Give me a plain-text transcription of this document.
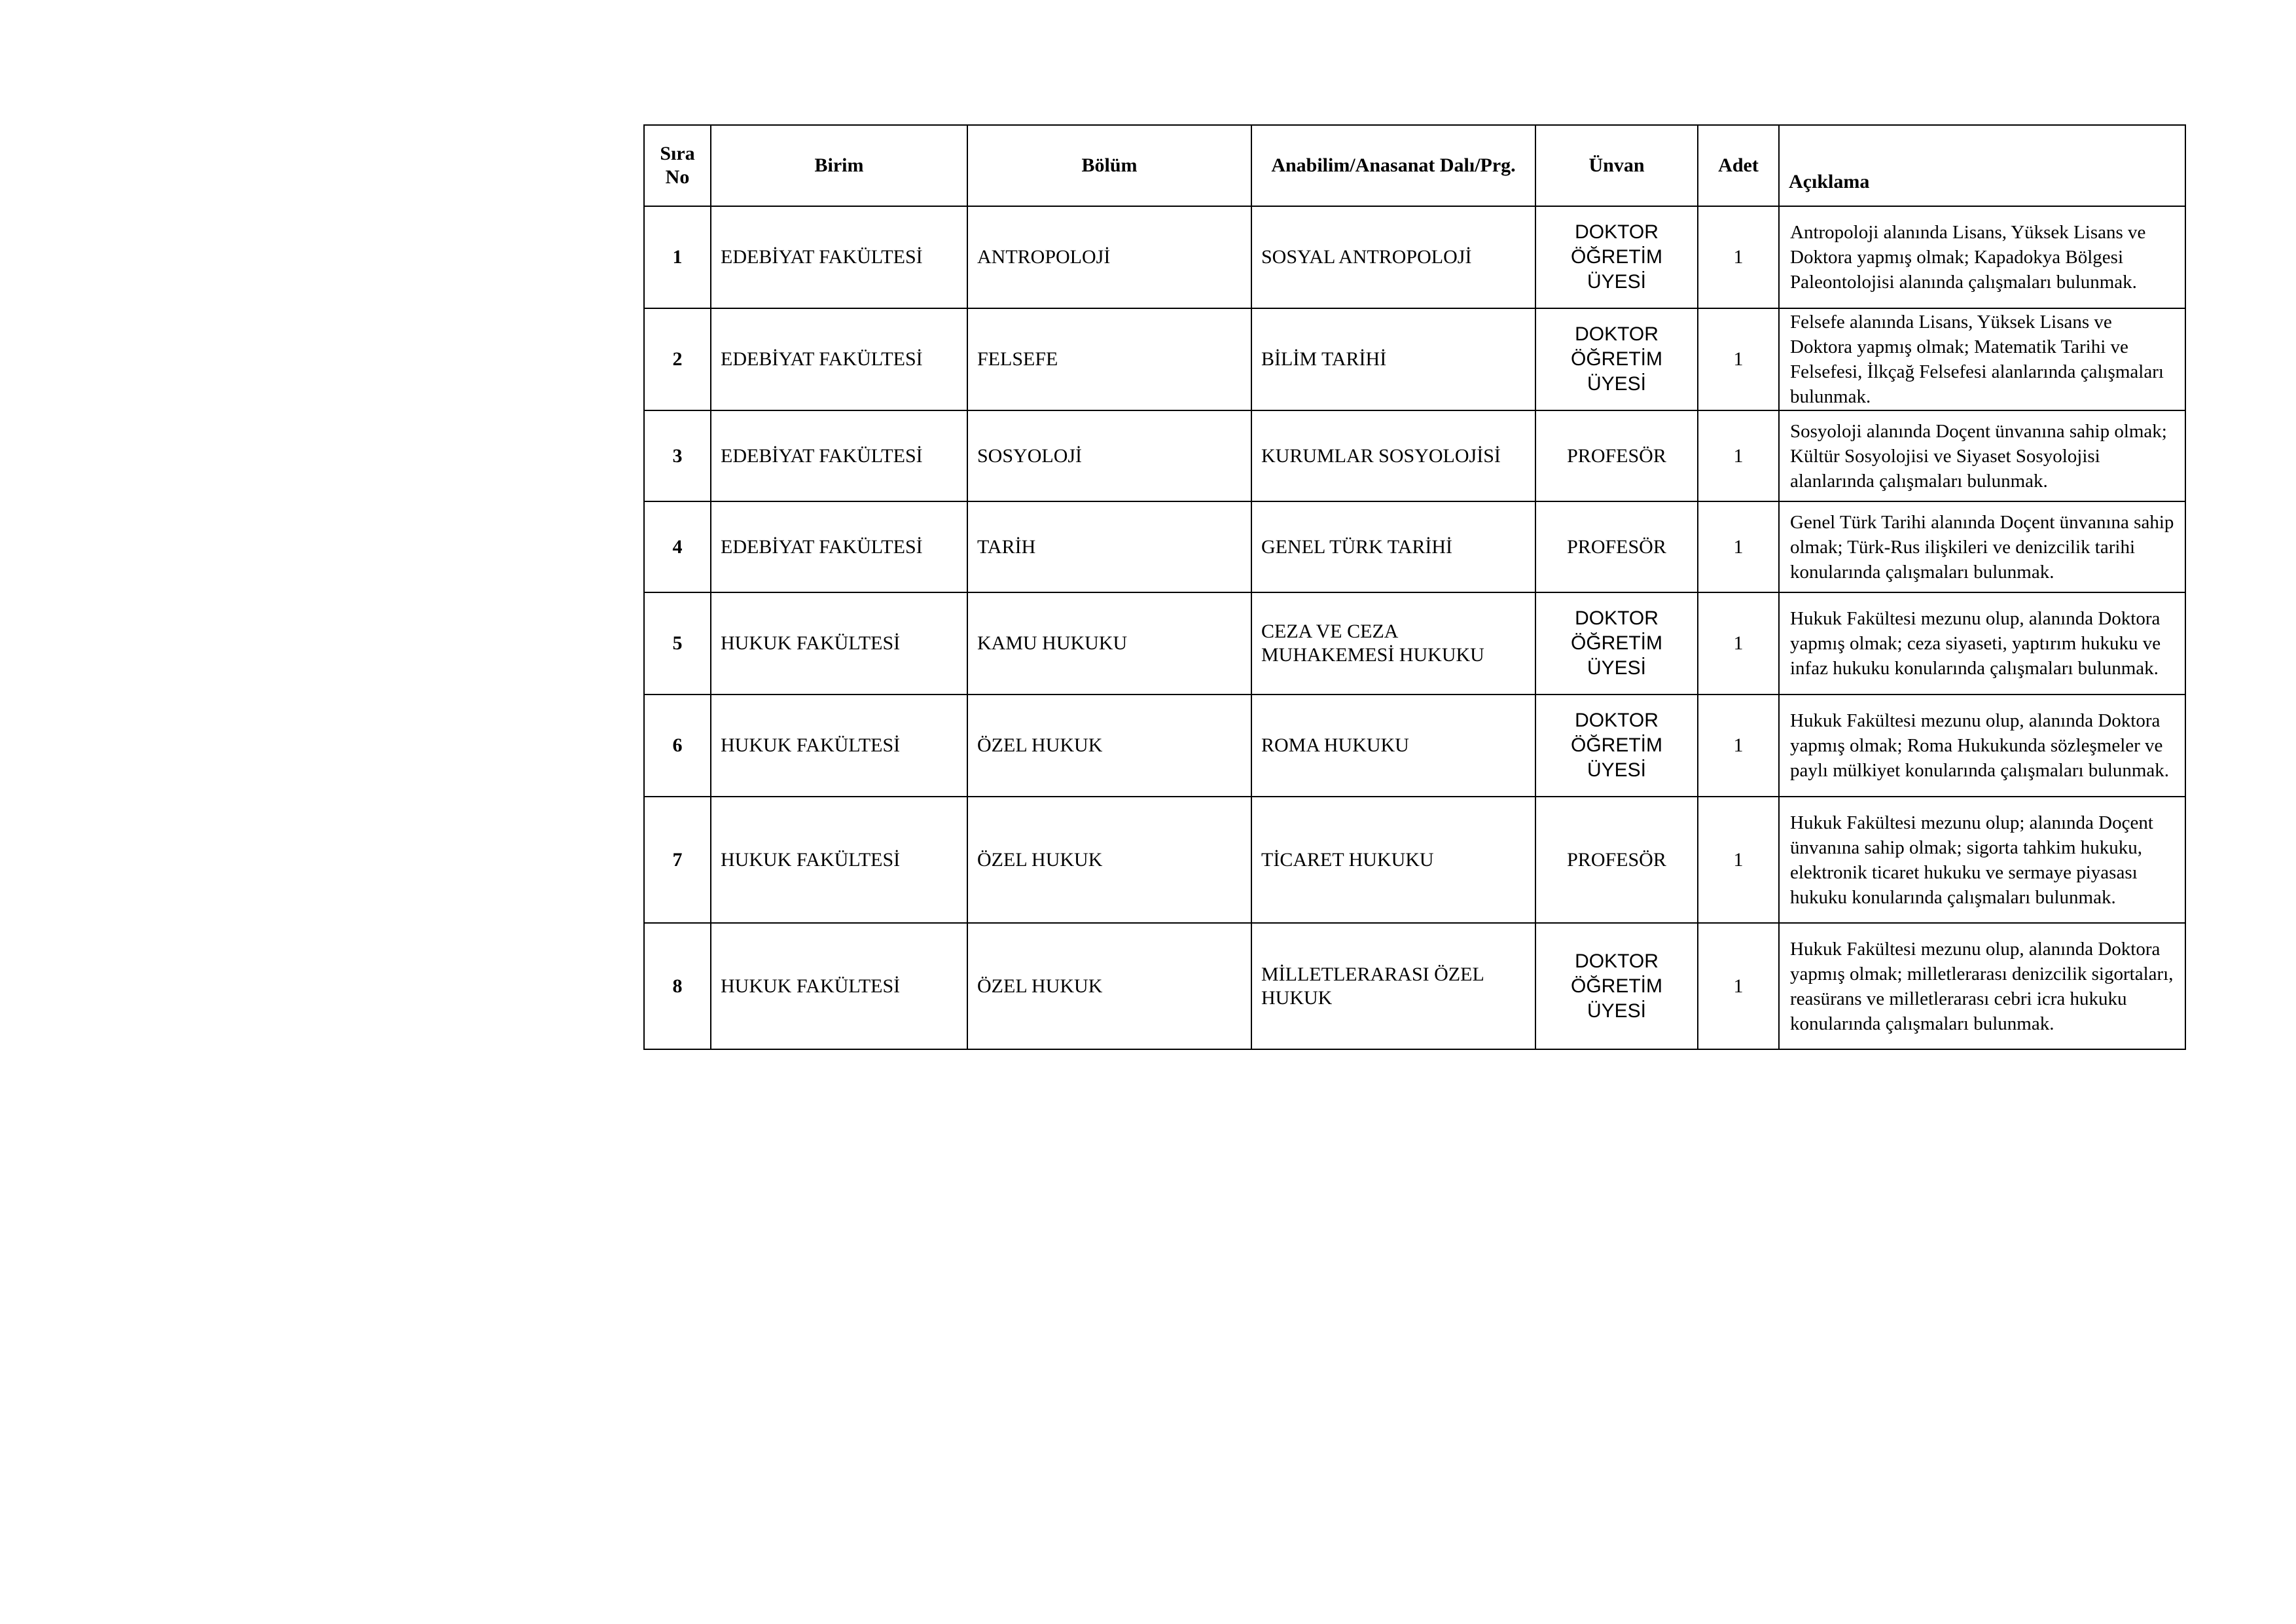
Sıra No	Birim	Bölüm	Anabilim/Anasanat Dalı/Prg.	Ünvan	Adet	Açıklama
1	EDEBİYAT FAKÜLTESİ	ANTROPOLOJİ	SOSYAL ANTROPOLOJİ	DOKTOR ÖĞRETİM ÜYESİ	1	Antropoloji alanında Lisans, Yüksek Lisans ve Doktora yapmış olmak; Kapadokya Bölgesi Paleontolojisi alanında çalışmaları bulunmak.
2	EDEBİYAT FAKÜLTESİ	FELSEFE	BİLİM TARİHİ	DOKTOR ÖĞRETİM ÜYESİ	1	Felsefe alanında Lisans, Yüksek Lisans ve Doktora yapmış olmak; Matematik Tarihi ve Felsefesi, İlkçağ Felsefesi alanlarında çalışmaları bulunmak.
3	EDEBİYAT FAKÜLTESİ	SOSYOLOJİ	KURUMLAR SOSYOLOJİSİ	PROFESÖR	1	Sosyoloji alanında Doçent ünvanına sahip olmak; Kültür Sosyolojisi ve Siyaset Sosyolojisi alanlarında çalışmaları bulunmak.
4	EDEBİYAT FAKÜLTESİ	TARİH	GENEL TÜRK TARİHİ	PROFESÖR	1	Genel Türk Tarihi alanında Doçent ünvanına sahip olmak; Türk-Rus ilişkileri ve denizcilik tarihi konularında çalışmaları bulunmak.
5	HUKUK FAKÜLTESİ	KAMU HUKUKU	CEZA VE CEZA MUHAKEMESİ HUKUKU	DOKTOR ÖĞRETİM ÜYESİ	1	Hukuk Fakültesi mezunu olup, alanında Doktora yapmış olmak; ceza siyaseti, yaptırım hukuku ve infaz hukuku konularında çalışmaları bulunmak.
6	HUKUK FAKÜLTESİ	ÖZEL HUKUK	ROMA HUKUKU	DOKTOR ÖĞRETİM ÜYESİ	1	Hukuk Fakültesi mezunu olup, alanında Doktora yapmış olmak; Roma Hukukunda sözleşmeler ve paylı mülkiyet konularında çalışmaları bulunmak.
7	HUKUK FAKÜLTESİ	ÖZEL HUKUK	TİCARET HUKUKU	PROFESÖR	1	Hukuk Fakültesi mezunu olup; alanında Doçent ünvanına sahip olmak; sigorta tahkim hukuku, elektronik ticaret hukuku ve sermaye piyasası hukuku konularında çalışmaları bulunmak.
8	HUKUK FAKÜLTESİ	ÖZEL HUKUK	MİLLETLERARASI ÖZEL HUKUK	DOKTOR ÖĞRETİM ÜYESİ	1	Hukuk Fakültesi mezunu olup, alanında Doktora yapmış olmak; milletlerarası denizcilik sigortaları, reasürans ve milletlerarası cebri icra hukuku konularında çalışmaları bulunmak.
